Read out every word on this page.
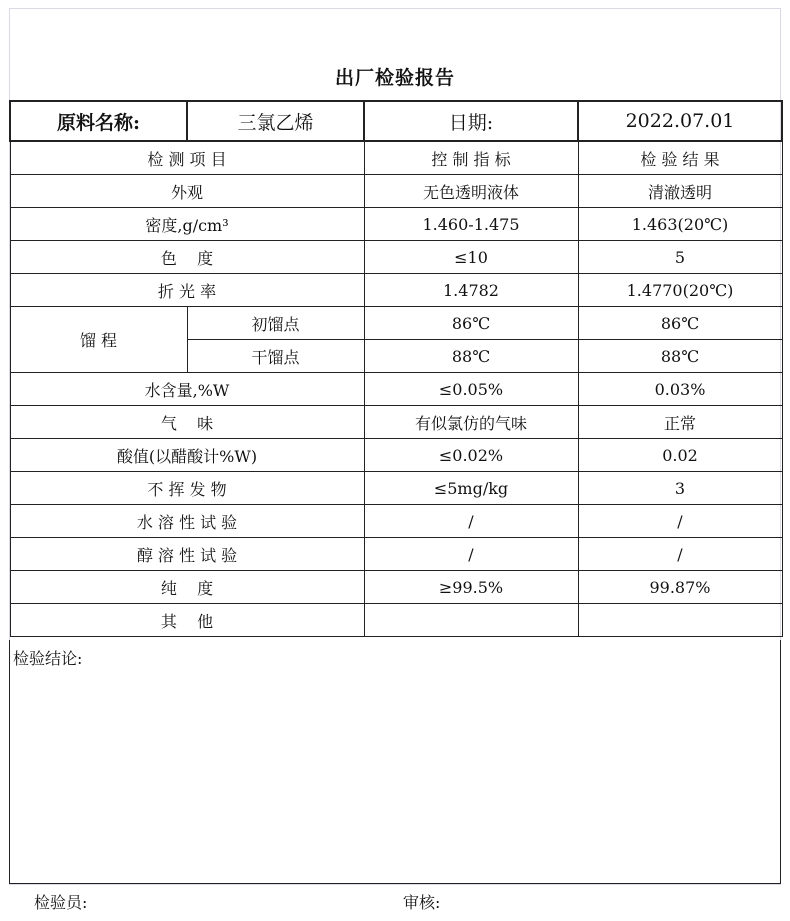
出厂检验报告
原料名称:	三氯乙烯	日期:	2022.07.01
检 测 项 目		控 制 指 标	检 验 结 果
外观		无色透明液体	清澈透明
密度,g/cm³		1.460-1.475	1.463(20℃)
色    度		≤10	5
折 光 率		1.4782	1.4770(20℃)
馏 程	初馏点	86℃	86℃
	干馏点	88℃	88℃
水含量,%W		≤0.05%	0.03%
气    味		有似氯仿的气味	正常
酸值(以醋酸计%W)		≤0.02%	0.02
不 挥 发 物		≤5mg/kg	3
水 溶 性 试 验		/	/
醇 溶 性 试 验		/	/
纯    度		≥99.5%	99.87%
其    他			
检验结论:
检验员:	审核:
